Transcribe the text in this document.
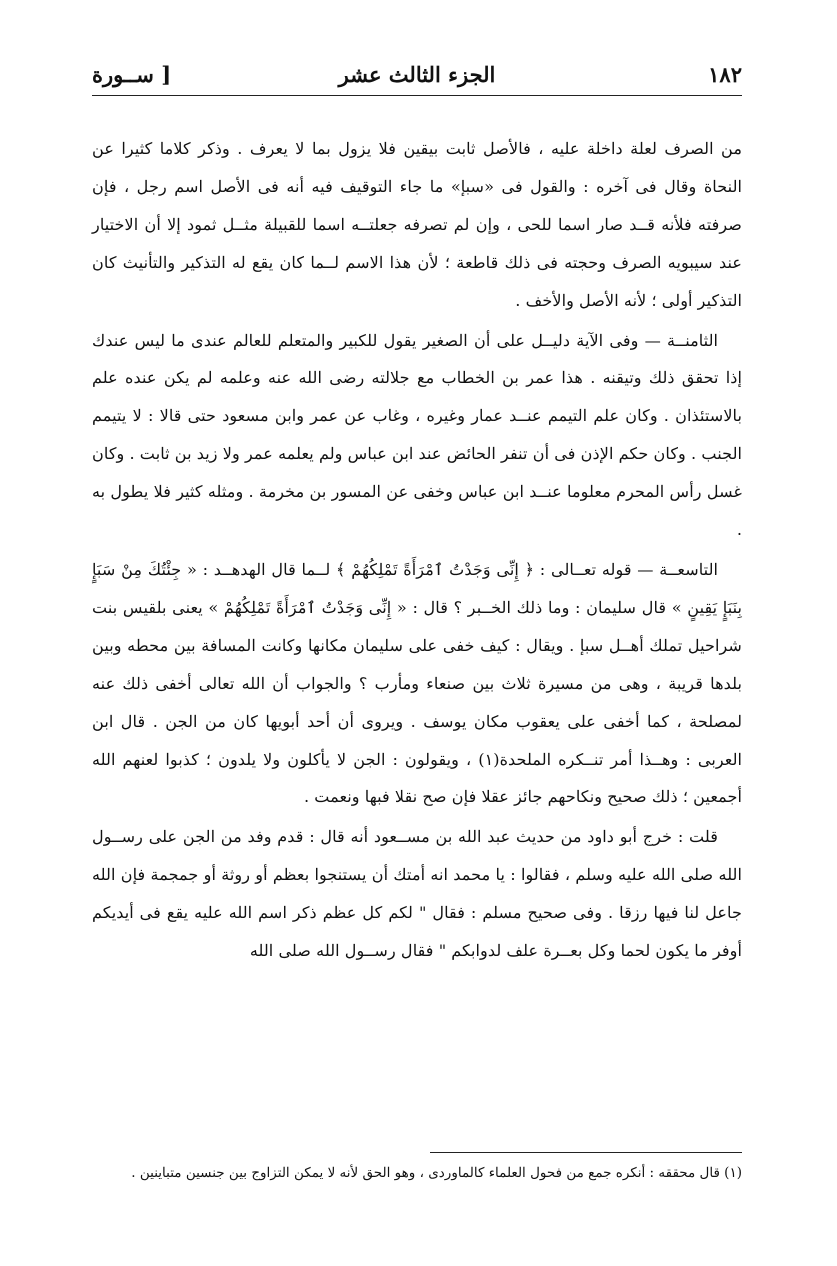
١٨٢
الجزء الثالث عشر
[ ســورة

من الصرف لعلة داخلة عليه ، فالأصل ثابت بيقين فلا يزول بما لا يعرف . وذكر كلاما كثيرا عن النحاة وقال فى آخره : والقول فى «سبإ» ما جاء التوقيف فيه أنه فى الأصل اسم رجل ، فإن صرفته فلأنه قــد صار اسما للحى ، وإن لم تصرفه جعلتــه اسما للقبيلة مثــل ثمود إلا أن الاختيار عند سيبويه الصرف وحجته فى ذلك قاطعة ؛ لأن هذا الاسم لــما كان يقع له التذكير والتأنيث كان التذكير أولى ؛ لأنه الأصل والأخف .

الثامنــة — وفى الآية دليــل على أن الصغير يقول للكبير والمتعلم للعالم عندى ما ليس عندك إذا تحقق ذلك وتيقنه . هذا عمر بن الخطاب مع جلالته رضى الله عنه وعلمه لم يكن عنده علم بالاستئذان . وكان علم التيمم عنــد عمار وغيره ، وغاب عن عمر وابن مسعود حتى قالا : لا يتيمم الجنب . وكان حكم الإذن فى أن تنفر الحائض عند ابن عباس ولم يعلمه عمر ولا زيد بن ثابت . وكان غسل رأس المحرم معلوما عنــد ابن عباس وخفى عن المسور بن مخرمة . ومثله كثير فلا يطول به .

التاسعــة — قوله تعــالى : ﴿ إِنِّى وَجَدْتُ ٱمْرَأَةً تَمْلِكُهُمْ ﴾ لــما قال الهدهــد : « جِئْتُكَ مِنْ سَبَإٍ بِنَبَإٍ يَقِينٍ » قال سليمان : وما ذلك الخــبر ؟ قال : « إِنِّى وَجَدْتُ ٱمْرَأَةً تَمْلِكُهُمْ » يعنى بلقيس بنت شراحيل تملك أهــل سبإ . ويقال : كيف خفى على سليمان مكانها وكانت المسافة بين محطه وبين بلدها قريبة ، وهى من مسيرة ثلاث بين صنعاء ومأرب ؟ والجواب أن الله تعالى أخفى ذلك عنه لمصلحة ، كما أخفى على يعقوب مكان يوسف . ويروى أن أحد أبويها كان من الجن . قال ابن العربى : وهــذا أمر تنــكره الملحدة(١) ، ويقولون : الجن لا يأكلون ولا يلدون ؛ كذبوا لعنهم الله أجمعين ؛ ذلك صحيح ونكاحهم جائز عقلا فإن صح نقلا فبها ونعمت .

قلت : خرج أبو داود من حديث عبد الله بن مســعود أنه قال : قدم وفد من الجن على رســول الله صلى الله عليه وسلم ، فقالوا : يا محمد انه أمتك أن يستنجوا بعظم أو روثة أو جمجمة فإن الله جاعل لنا فيها رزقا . وفى صحيح مسلم : فقال " لكم كل عظم ذكر اسم الله عليه يقع فى أيديكم أوفر ما يكون لحما وكل بعــرة علف لدوابكم " فقال رســول الله صلى الله

(١) قال محققه : أنكره جمع من فحول العلماء كالماوردى ، وهو الحق لأنه لا يمكن التزاوج بين جنسين متباينين .
